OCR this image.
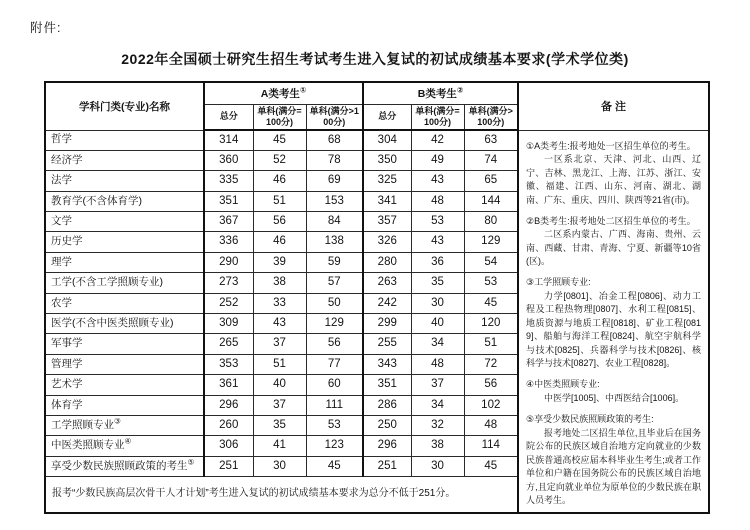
附件:
2022年全国硕士研究生招生考试考生进入复试的初试成绩基本要求(学术学位类)
学科门类(专业)名称	A类考生①			B类考生②			备 注
	总分	单科(满分=100分)	单科(满分>100分)	总分	单科(满分=100分)	单科(满分>100分)	
哲学	314	45	68	304	42	63	①A类考生:报考地处一区招生单位的考生。

一区系北京、天津、河北、山西、辽宁、吉林、黑龙江、上海、江苏、浙江、安徽、福建、江西、山东、河南、湖北、湖南、广东、重庆、四川、陕西等21省(市)。

②B类考生:报考地处二区招生单位的考生。

二区系内蒙古、广西、海南、贵州、云南、西藏、甘肃、青海、宁夏、新疆等10省(区)。

③工学照顾专业:

力学[0801]、冶金工程[0806]、动力工程及工程热物理[0807]、水利工程[0815]、地质资源与地质工程[0818]、矿业工程[0819]、船舶与海洋工程[0824]、航空宇航科学与技术[0825]、兵器科学与技术[0826]、核科学与技术[0827]、农业工程[0828]。

④中医类照顾专业:

中医学[1005]、中西医结合[1006]。

⑤享受少数民族照顾政策的考生:

报考地处二区招生单位,且毕业后在国务院公布的民族区域自治地方定向就业的少数民族普通高校应届本科毕业生考生;或者工作单位和户籍在国务院公布的民族区域自治地方,且定向就业单位为原单位的少数民族在职人员考生。

经济学	360	52	78	350	49	74	
法学	335	46	69	325	43	65	
教育学(不含体育学)	351	51	153	341	48	144	
文学	367	56	84	357	53	80	
历史学	336	46	138	326	43	129	
理学	290	39	59	280	36	54	
工学(不含工学照顾专业)	273	38	57	263	35	53	
农学	252	33	50	242	30	45	
医学(不含中医类照顾专业)	309	43	129	299	40	120	
军事学	265	37	56	255	34	51	
管理学	353	51	77	343	48	72	
艺术学	361	40	60	351	37	56	
体育学	296	37	111	286	34	102	
工学照顾专业③	260	35	53	250	32	48	
中医类照顾专业④	306	41	123	296	38	114	
享受少数民族照顾政策的考生⑤	251	30	45	251	30	45	
报考“少数民族高层次骨干人才计划”考生进入复试的初试成绩基本要求为总分不低于251分。							
